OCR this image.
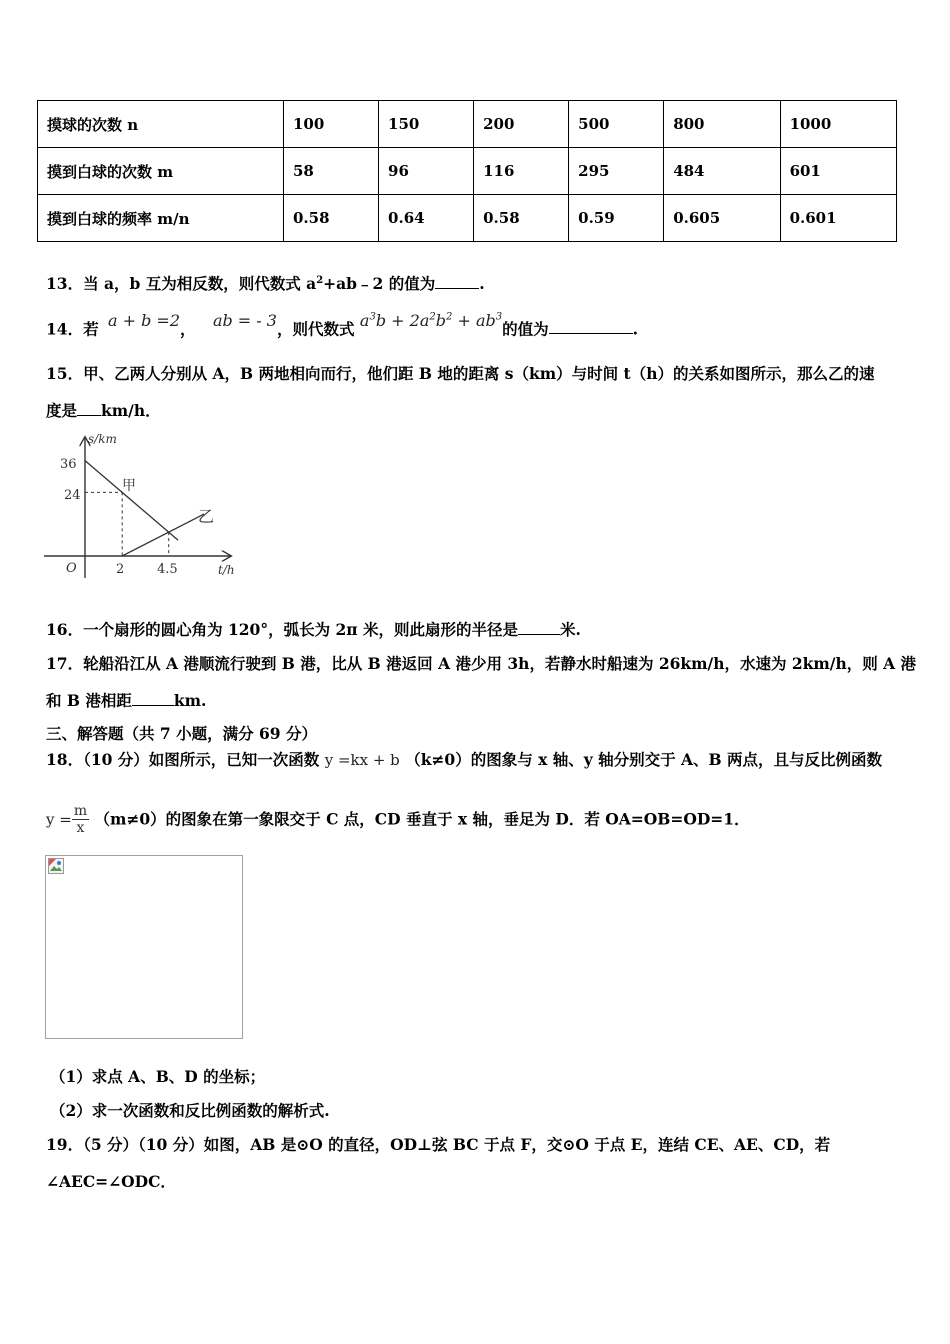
摸球的次数 n	100	150	200	500	800	1000
摸到白球的次数 m	58	96	116	295	484	601
摸到白球的频率 m/n	0.58	0.64	0.58	0.59	0.605	0.601
13．当 a，b 互为相反数，则代数式 $a^2+ab﹣2$ 的值为	.
14．若 a + b =2， ab = - 3，则代数式 $a^3b + 2a^2b^2 + ab^3$的值为	.
15．甲、乙两人分别从 A，B 两地相向而行，他们距 B 地的距离 s（km）与时间 t（h）的关系如图所示，那么乙的速
度是 km/h．
s/km
t/h
O
36
24
2	4.5
甲
乙
16．一个扇形的圆心角为 120°，弧长为 2π 米，则此扇形的半径是	米.
17．轮船沿江从 A 港顺流行驶到 B 港，比从 B 港返回 A 港少用 3h，若静水时船速为 26km/h，水速为 2km/h，则 A 港
和 B 港相距	km.
三、解答题（共 7 小题，满分 69 分）
18．（10 分）如图所示，已知一次函数 y =kx + b （k≠0）的图象与 x 轴、y 轴分别交于 A、B 两点，且与反比例函数
$y = \frac{m}{x} (m\ne 0)$的图象在第一象限交于 C 点，CD 垂直于 x 轴，垂足为 D．若 OA=OB=OD=1．
（1）求点 A、B、D 的坐标；
（2）求一次函数和反比例函数的解析式.
19．（5 分）（10 分）如图，AB 是⊙O 的直径，OD⊥弦 BC 于点 F，交⊙O 于点 E，连结 CE、AE、CD，若
∠AEC=∠ODC．
